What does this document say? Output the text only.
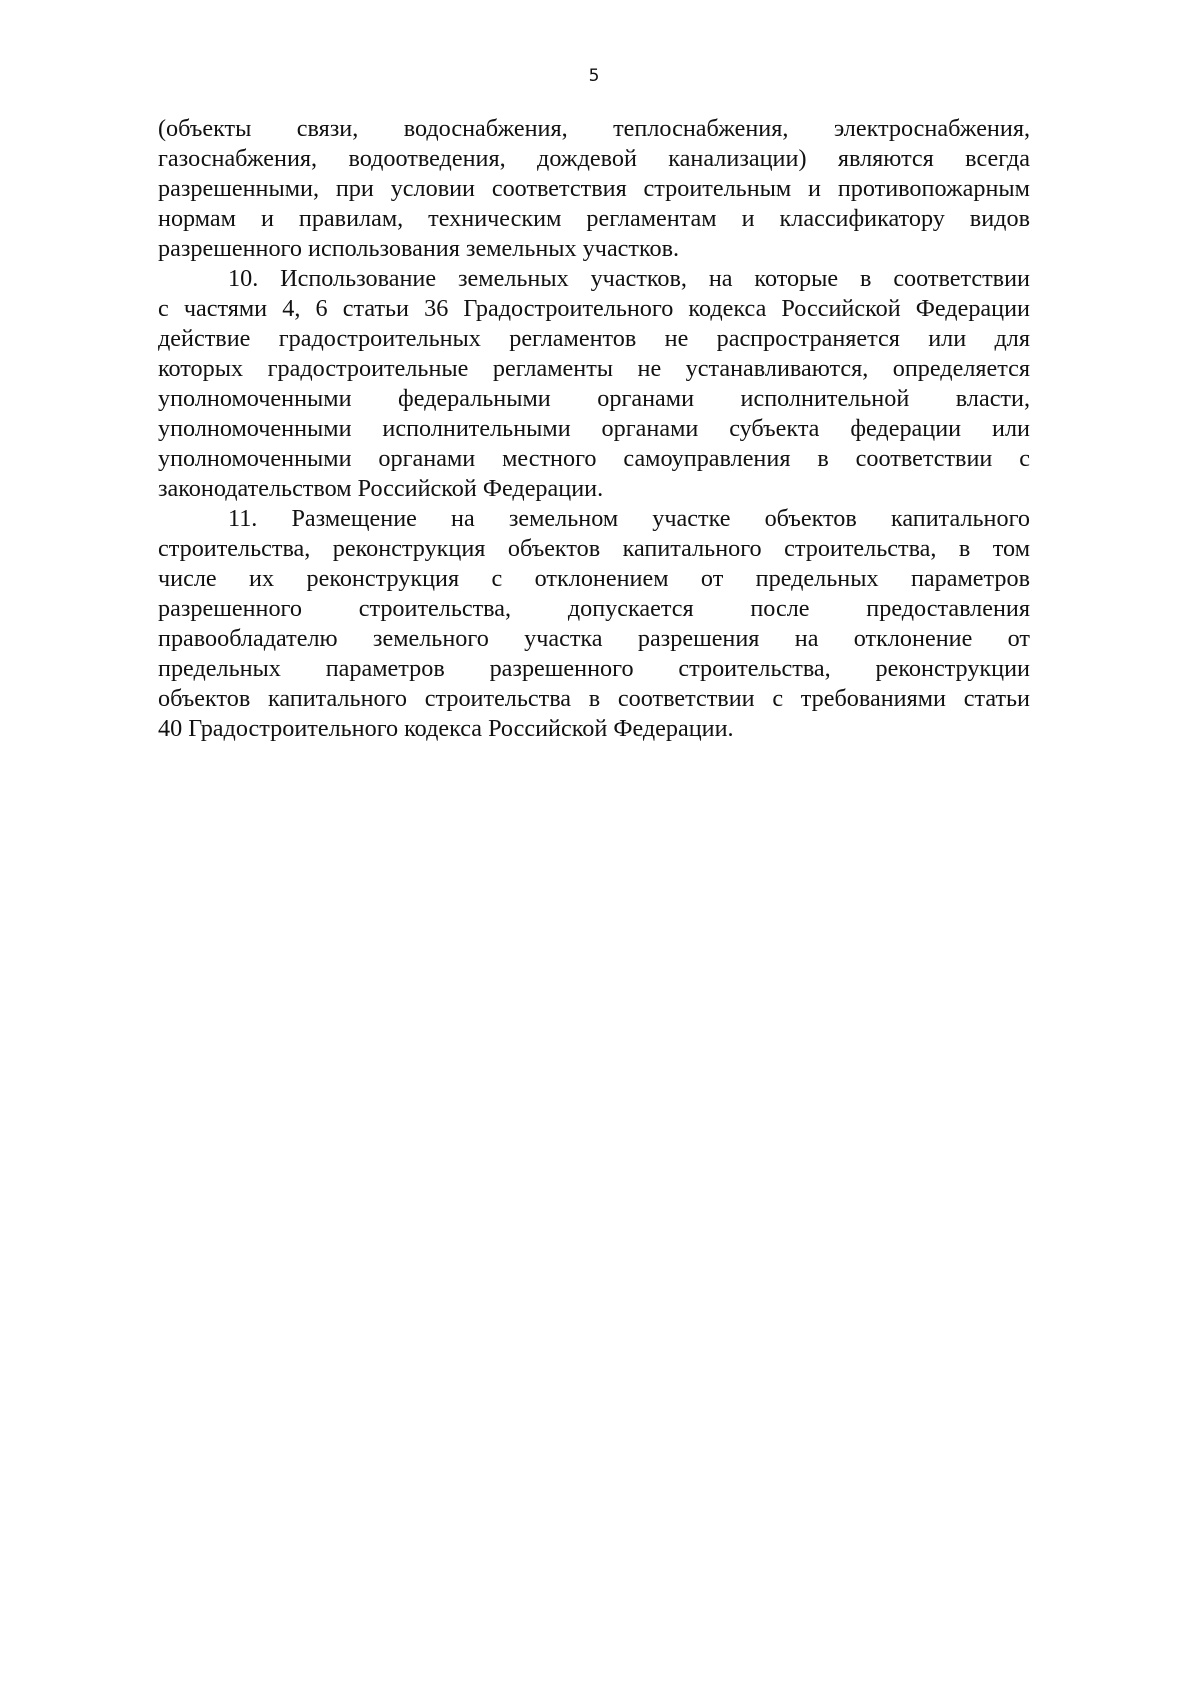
5
(объекты связи, водоснабжения, теплоснабжения, электроснабжения,
газоснабжения, водоотведения, дождевой канализации) являются всегда
разрешенными, при условии соответствия строительным и противопожарным
нормам и правилам, техническим регламентам и классификатору видов
разрешенного использования земельных участков.
10. Использование земельных участков, на которые в соответствии
с частями 4, 6 статьи 36 Градостроительного кодекса Российской Федерации
действие градостроительных регламентов не распространяется или для
которых градостроительные регламенты не устанавливаются, определяется
уполномоченными федеральными органами исполнительной власти,
уполномоченными исполнительными органами субъекта федерации или
уполномоченными органами местного самоуправления в соответствии с
законодательством Российской Федерации.
11. Размещение на земельном участке объектов капитального
строительства, реконструкция объектов капитального строительства, в том
числе их реконструкция с отклонением от предельных параметров
разрешенного строительства, допускается после предоставления
правообладателю земельного участка разрешения на отклонение от
предельных параметров разрешенного строительства, реконструкции
объектов капитального строительства в соответствии с требованиями статьи
40 Градостроительного кодекса Российской Федерации.
